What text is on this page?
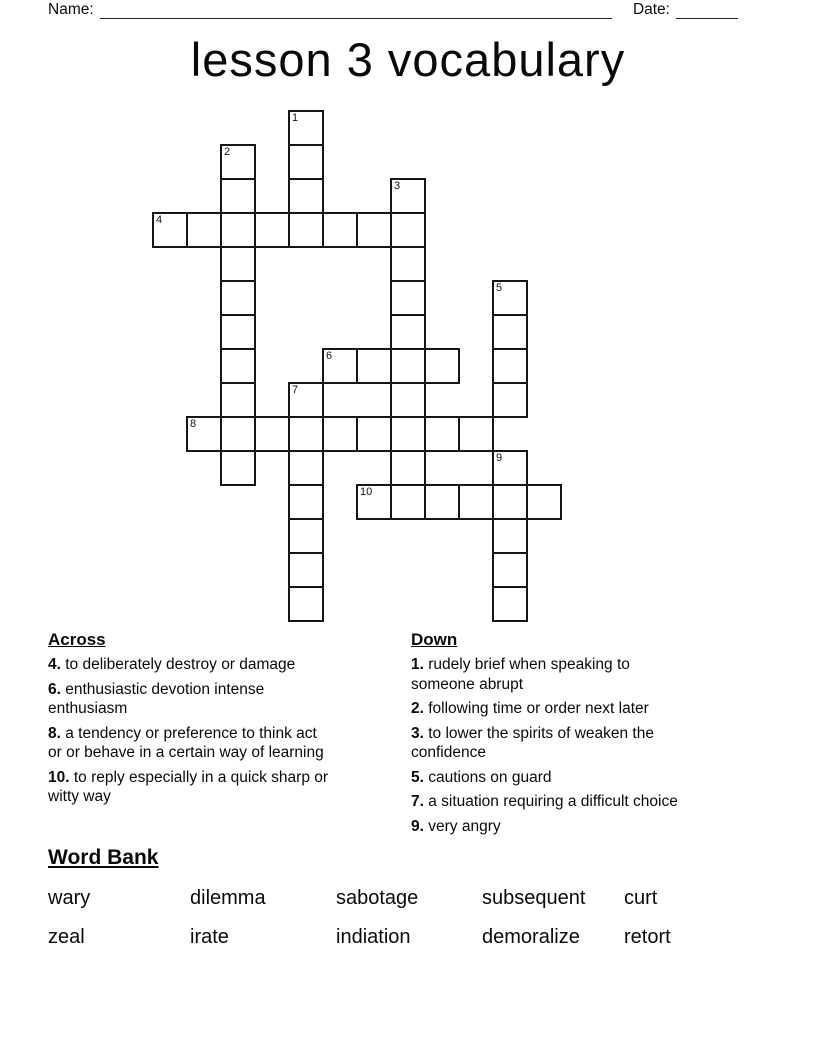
Name:	Date:
lesson 3 vocabulary
1
2
3
4
5
6
7
8
9
10

Across

4. to deliberately destroy or damage

6. enthusiastic devotion intense enthusiasm

8. a tendency or preference to think act or or behave in a certain way of learning

10. to reply especially in a quick sharp or witty way

Down

1. rudely brief when speaking to someone abrupt

2. following time or order next later

3. to lower the spirits of weaken the confidence

5. cautions on guard

7. a situation requiring a difficult choice

9. very angry

Word Bank

wary	dilemma	sabotage	subsequent	curt
zeal	irate	indiation	demoralize	retort
